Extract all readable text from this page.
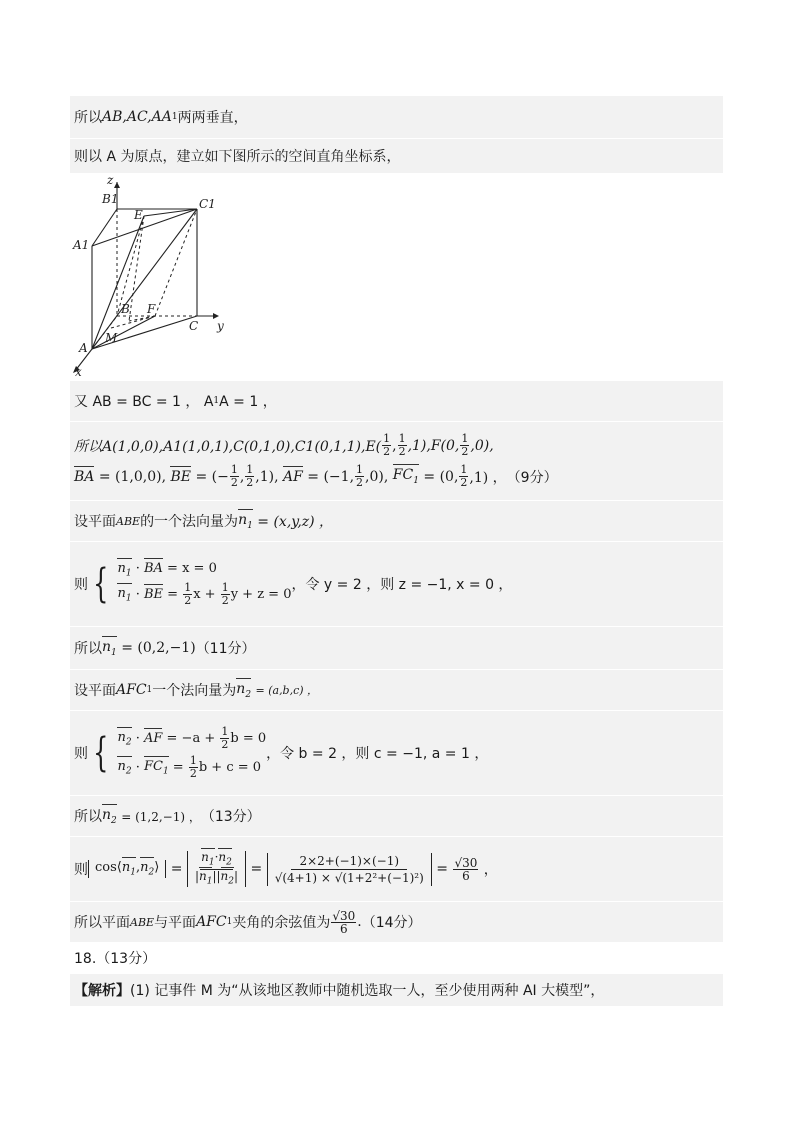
所以 AB,AC,AA 1 两两垂直，
则以 A 为原点，建立如下图所示的空间直角坐标系，
z
B1
E
C1
A1
B F
C y
M
A
x
又 AB = BC = 1 ， A 1 A = 1 ，
所以$A(1,0,0),A1(1,0,1),C(0,1,0),C1(0,1,1),E( \frac{1}{2}$ , $\frac{1}{2} ,1),F(0$, $\frac{1}{2} ,0$),
BA = (1,0,0), BE = (− $\frac{1}{2}$ , $\frac{1}{2} ,1$), AF = (−1, $\frac{1}{2} ,0$), $FC_1 = (0$, $\frac{1}{2} ,1$) ， （9分）
设平面 ABE 的一个法向量为 $n_1$
= (x,y,z) ，
则 { $n_1$ · BA = x = 0
$n_1$ · BE = $\frac{1}{2}$ $x + \frac{1}{2}$ y + z = 0
，令 y = 2 ，则 z = −1, x = 0 ，
所以 $n_1$
= (0,2,−1) （11分）
设平面 AFC 1 一个法向量为 $n_2$
= (a,b,c) ，
则 { $n_2$ · AF = $-a + \frac{1}{2}$ b = 0
$n_2 \cdot FC_1 = \frac{1}{2}$ b + c = 0
，令 b = 2 ，则 c = −1, a = 1 ，
所以 $n_2$
= (1,2,−1) ， （13分）
则 $\cos⟨n_1,n_2⟩ = \frac{n_1\cdot n_2}{|n_1||n_2|} = \frac{2\times 2+(-1)\times(-1)}{\text{√(4+1) × √(1+2²+(−1)²)}} = \frac{√30}{6}$ ，
所以平面 ABE 与平面 AFC 1 夹角的余弦值为 $\frac{√30}{6}$ . （14分）
18.（13分）
【解析】 (1) 记事件 M 为“从该地区教师中随机选取一人，至少使用两种 AI 大模型”，
